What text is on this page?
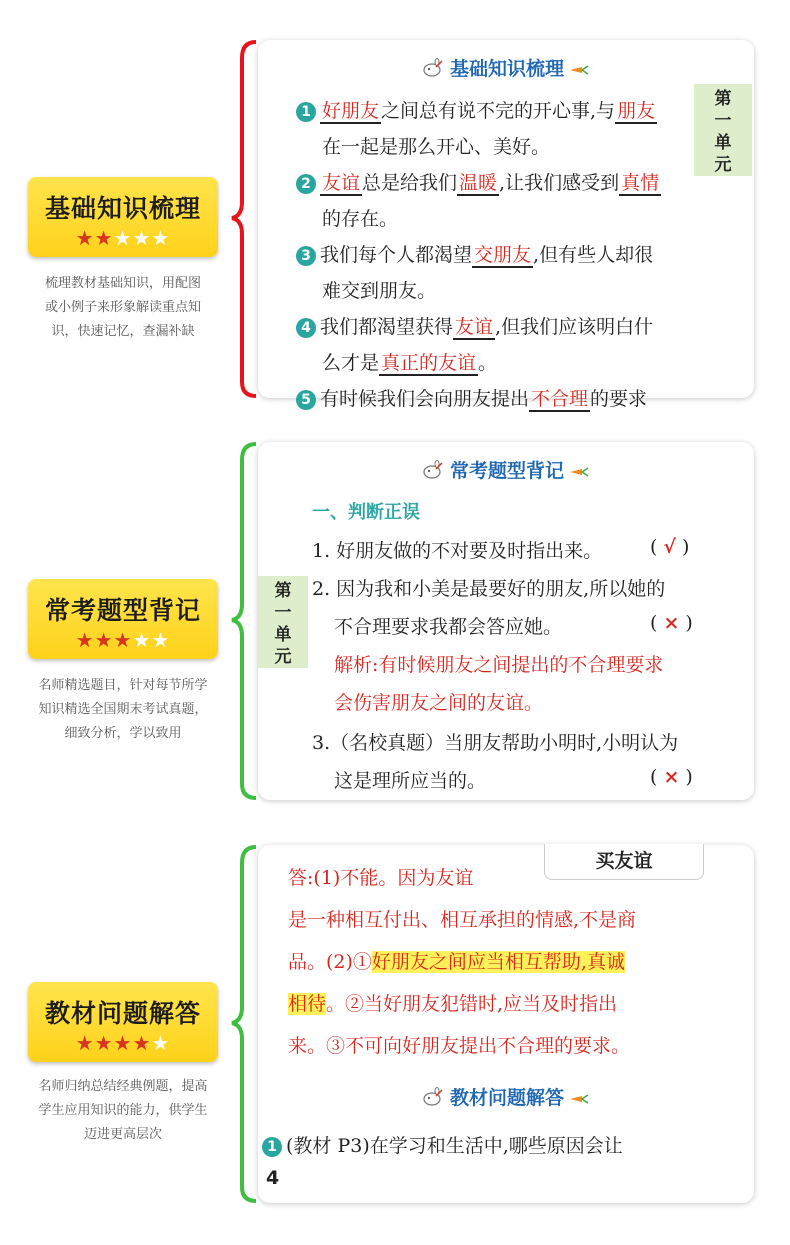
基础知识梳理
★★★★★
梳理教材基础知识，用配图
或小例子来形象解读重点知
识，快速记忆，查漏补缺
基础知识梳理
第
一
单
元
1 好朋友 之间总有说不完的开心事,与 朋友
在一起是那么开心、美好。
2 友谊 总是给我们 温暖 ,让我们感受到 真情
的存在。
3 我们每个人都渴望 交朋友 ,但有些人却很
难交到朋友。
4 我们都渴望获得 友谊 ,但我们应该明白什
么才是 真正的友谊 。
5 有时候我们会向朋友提出 不合理 的要求
常考题型背记
★★★★★
名师精选题目，针对每节所学
知识精选全国期末考试真题，
细致分析，学以致用
常考题型背记
第
一
单
元
一、判断正误
1. 好朋友做的不对要及时指出来。	( √ )
2. 因为我和小美是最要好的朋友,所以她的
不合理要求我都会答应她。	( × )
解析:有时候朋友之间提出的不合理要求
会伤害朋友之间的友谊。
3.（名校真题）当朋友帮助小明时,小明认为
这是理所应当的。	( × )
教材问题解答
★★★★★
名师归纳总结经典例题，提高
学生应用知识的能力，供学生
迈进更高层次
买友谊
答:(1)不能。因为友谊
是一种相互付出、相互承担的情感,不是商
品。(2)①好朋友之间应当相互帮助,真诚
相待。②当好朋友犯错时,应当及时指出
来。③不可向好朋友提出不合理的要求。
教材问题解答
1 (教材 P3)在学习和生活中,哪些原因会让
4
